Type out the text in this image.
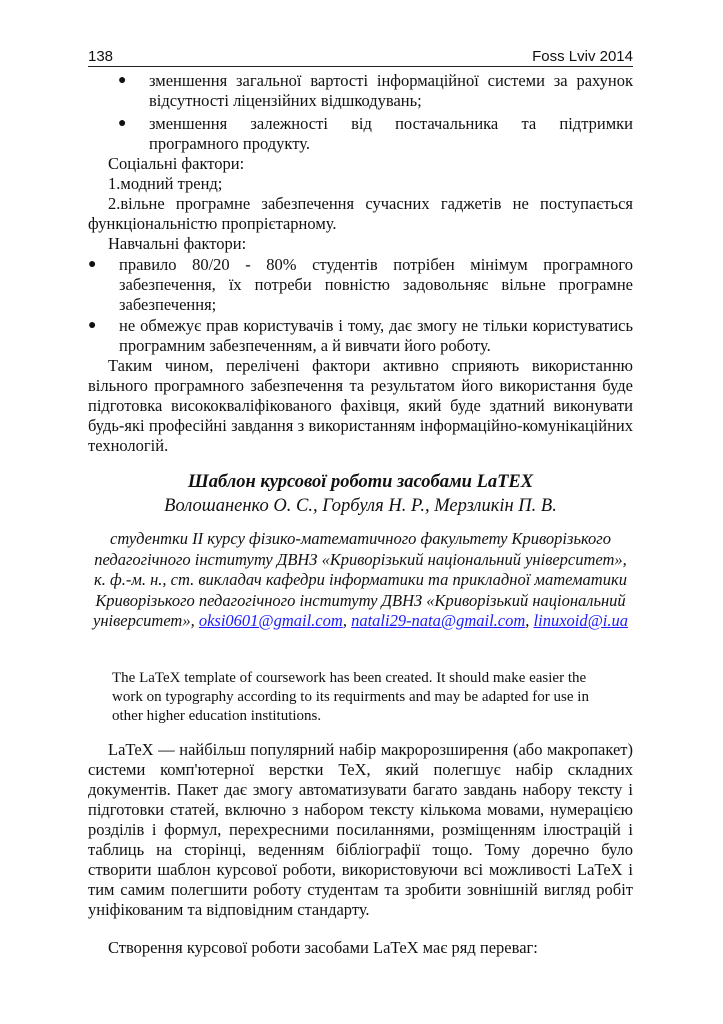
138	Foss Lviv 2014
● зменшення загальної вартості інформаційної системи за рахунок
відсутності ліцензійних відшкодувань;
● зменшення залежності від постачальника та підтримки
програмного продукту.
Соціальні фактори:
1.модний тренд;
2.вільне програмне забезпечення сучасних гаджетів не поступається функціональністю пропрієтарному.
Навчальні фактори:
● правило 80/20 - 80% студентів потрібен мінімум програмного забезпечення, їх потреби повністю задовольняє вільне програмне забезпечення;
● не обмежує прав користувачів і тому, дає змогу не тільки користуватись програмним забезпеченням, а й вивчати його роботу.
Таким чином, перелічені фактори активно сприяють використанню вільного програмного забезпечення та результатом його використання буде підготовка висококваліфікованого фахівця, який буде здатний виконувати будь-які професійні завдання з використанням інформаційно-комунікаційних технологій.
Шаблон курсової роботи засобами LaTEX
Волошаненко О. С., Горбуля Н. Р., Мерзликін П. В.
студентки ІІ курсу фізико-математичного факультету Криворізького педагогічного інституту ДВНЗ «Криворізький національний університет», к. ф.-м. н., ст. викладач кафедри інформатики та прикладної математики Криворізького педагогічного інституту ДВНЗ «Криворізький національний університет», oksi0601@gmail.com, natali29-nata@gmail.com, linuxoid@i.ua
The LaTeX template of coursework has been created. It should make easier the work on typography according to its requirments and may be adapted for use in other higher education institutions.
LaTeX — найбільш популярний набір макророзширення (або макропакет) системи комп'ютерної верстки TeX, який полегшує набір складних документів. Пакет дає змогу автоматизувати багато завдань набору тексту і підготовки статей, включно з набором тексту кількома мовами, нумерацією розділів і формул, перехресними посиланнями, розміщенням ілюстрацій і таблиць на сторінці, веденням бібліографії тощо. Тому доречно було створити шаблон курсової роботи, використовуючи всі можливості LaTeX і тим самим полегшити роботу студентам та зробити зовнішній вигляд робіт уніфікованим та відповідним стандарту.
Створення курсової роботи засобами LaTeX має ряд переваг:
